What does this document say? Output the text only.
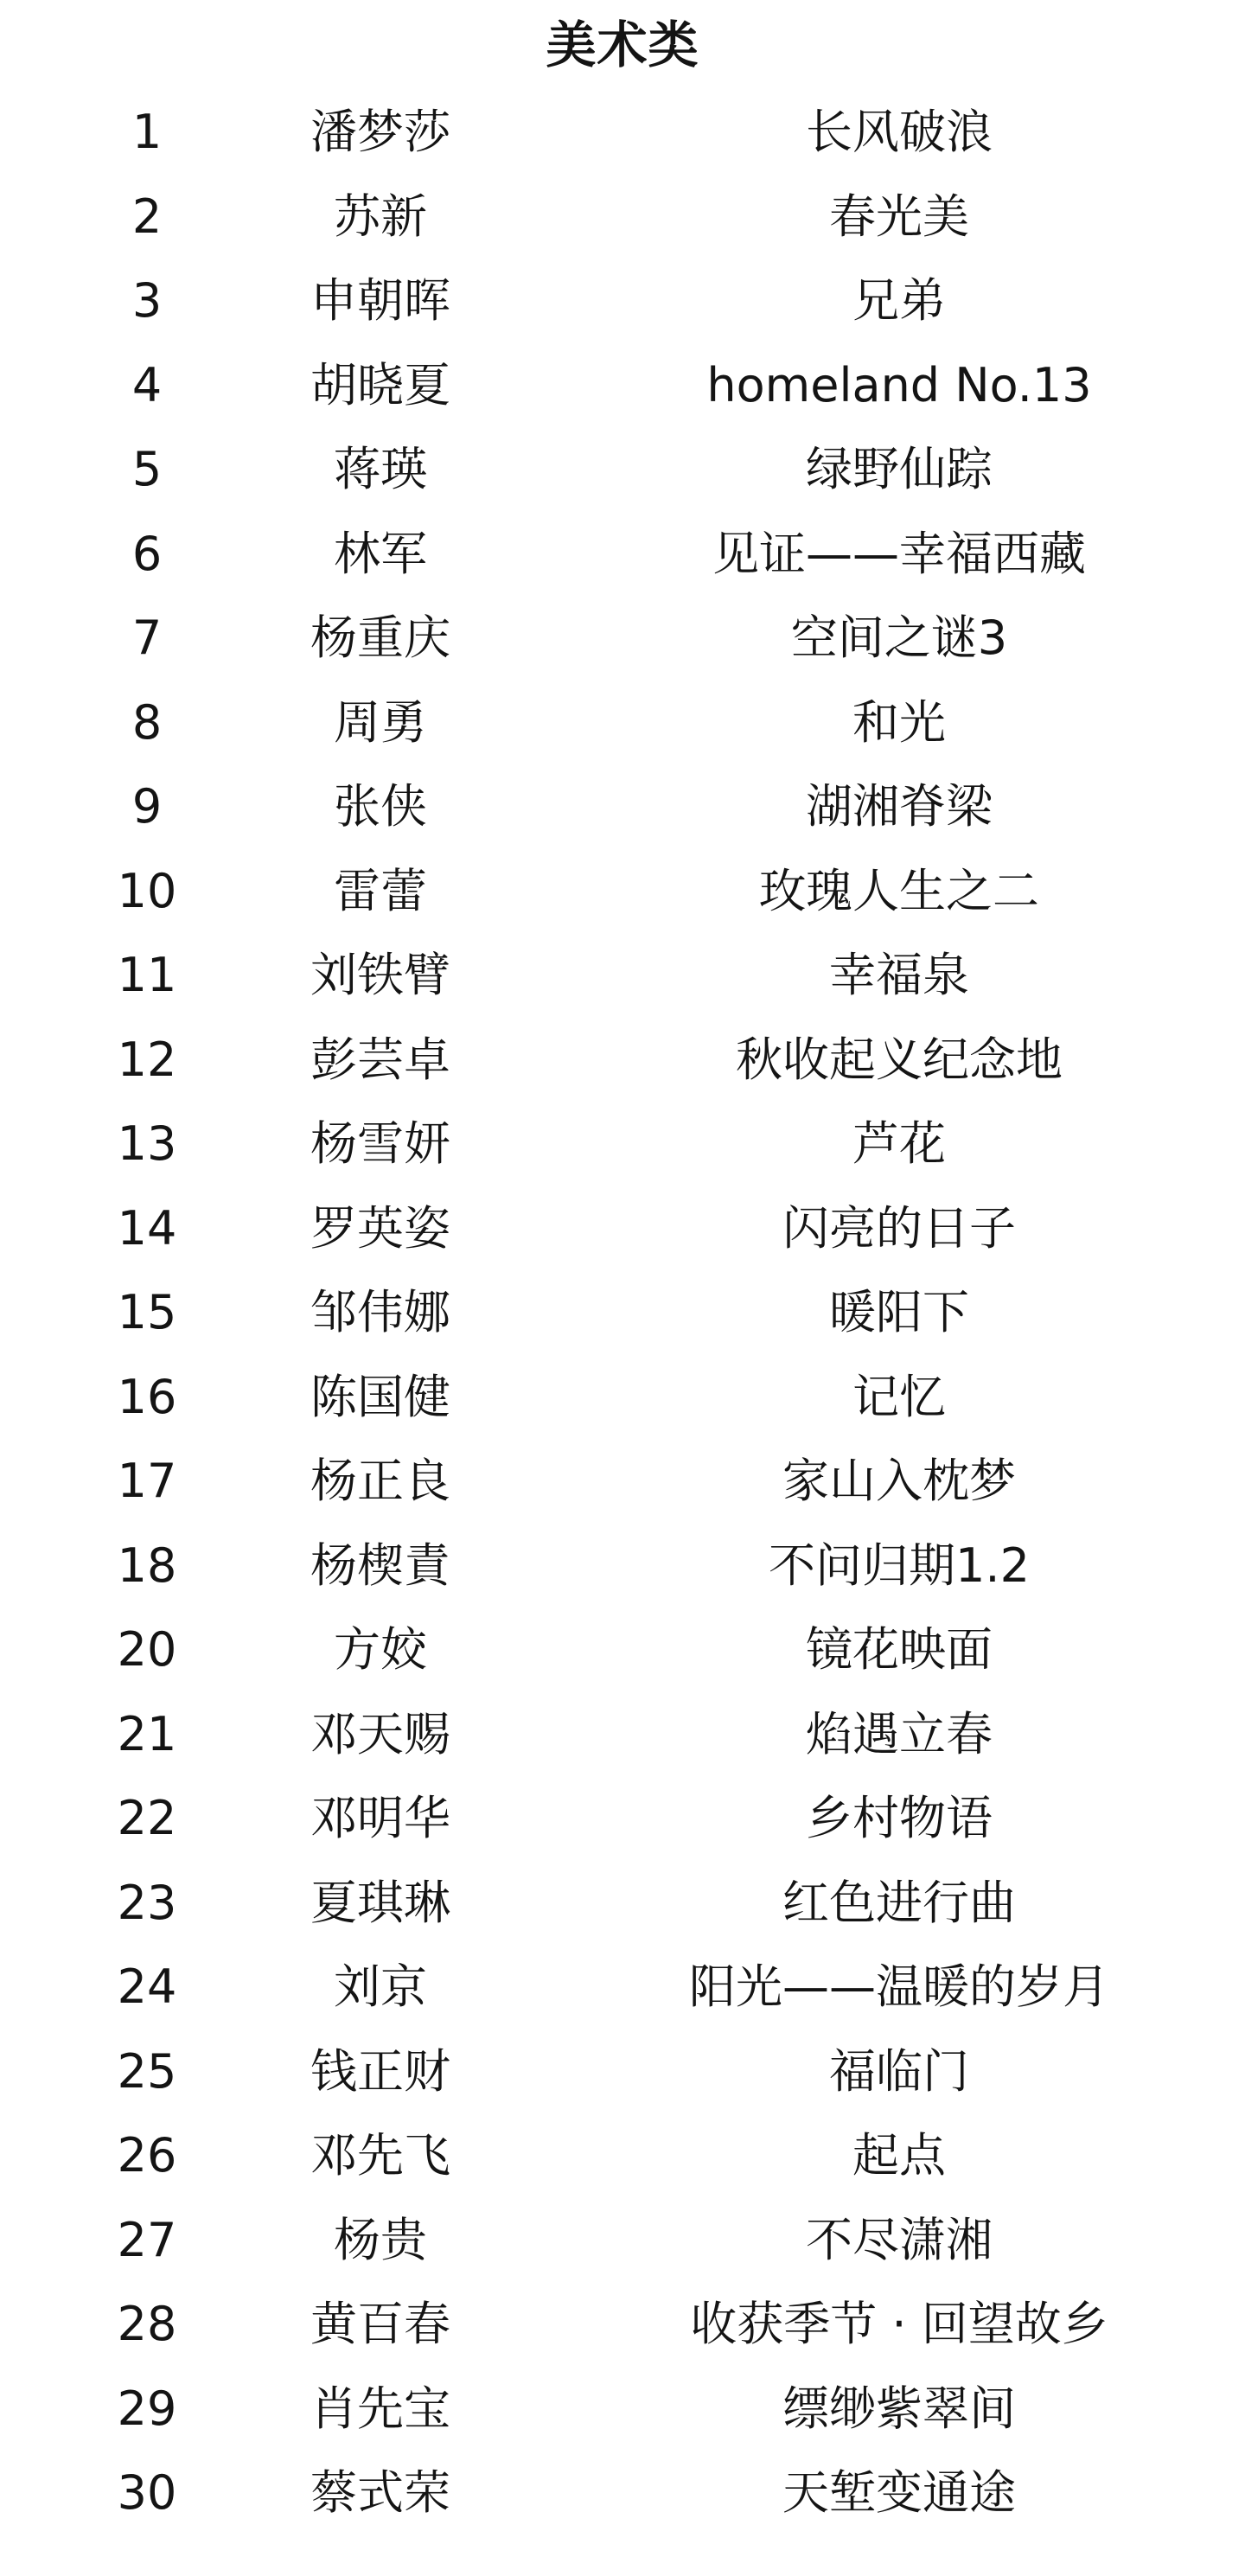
美术类
1	潘梦莎	长风破浪
2	苏新	春光美
3	申朝晖	兄弟
4	胡晓夏	homeland No.13
5	蒋瑛	绿野仙踪
6	林军	见证——幸福西藏
7	杨重庆	空间之谜3
8	周勇	和光
9	张侠	湖湘脊梁
10	雷蕾	玫瑰人生之二
11	刘铁臂	幸福泉
12	彭芸卓	秋收起义纪念地
13	杨雪妍	芦花
14	罗英姿	闪亮的日子
15	邹伟娜	暖阳下
16	陈国健	记忆
17	杨正良	家山入枕梦
18	杨楔責	不问归期1.2
20	方姣	镜花映面
21	邓天赐	焰遇立春
22	邓明华	乡村物语
23	夏琪琳	红色进行曲
24	刘京	阳光——温暖的岁月
25	钱正财	福临门
26	邓先飞	起点
27	杨贵	不尽潇湘
28	黄百春	收获季节 · 回望故乡
29	肖先宝	缥缈紫翠间
30	蔡式荣	天堑变通途
